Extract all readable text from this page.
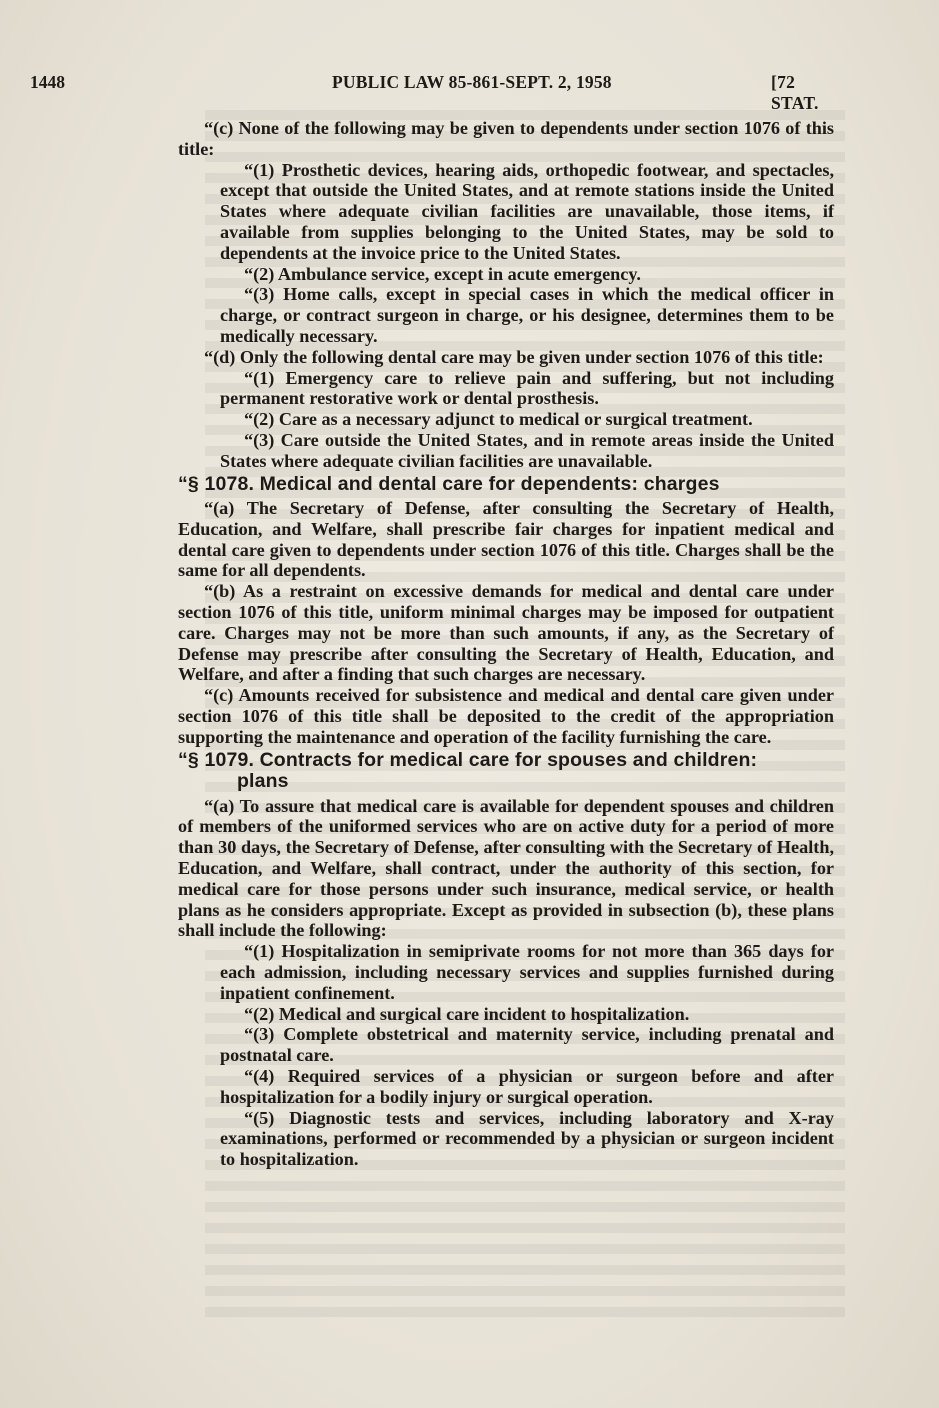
1448	PUBLIC LAW 85-861-SEPT. 2, 1958	[72 STAT.

“(c) None of the following may be given to dependents under section 1076 of this title:

“(1) Prosthetic devices, hearing aids, orthopedic footwear, and spectacles, except that outside the United States, and at remote stations inside the United States where adequate civilian facilities are unavailable, those items, if available from supplies belonging to the United States, may be sold to dependents at the invoice price to the United States.

“(2) Ambulance service, except in acute emergency.

“(3) Home calls, except in special cases in which the medical officer in charge, or contract surgeon in charge, or his designee, determines them to be medically necessary.

“(d) Only the following dental care may be given under section 1076 of this title:

“(1) Emergency care to relieve pain and suffering, but not including permanent restorative work or dental prosthesis.

“(2) Care as a necessary adjunct to medical or surgical treatment.

“(3) Care outside the United States, and in remote areas inside the United States where adequate civilian facilities are unavailable.

“§ 1078. Medical and dental care for dependents: charges

“(a) The Secretary of Defense, after consulting the Secretary of Health, Education, and Welfare, shall prescribe fair charges for inpatient medical and dental care given to dependents under section 1076 of this title. Charges shall be the same for all dependents.

“(b) As a restraint on excessive demands for medical and dental care under section 1076 of this title, uniform minimal charges may be imposed for outpatient care. Charges may not be more than such amounts, if any, as the Secretary of Defense may prescribe after consulting the Secretary of Health, Education, and Welfare, and after a finding that such charges are necessary.

“(c) Amounts received for subsistence and medical and dental care given under section 1076 of this title shall be deposited to the credit of the appropriation supporting the maintenance and operation of the facility furnishing the care.

“§ 1079. Contracts for medical care for spouses and children:
plans

“(a) To assure that medical care is available for dependent spouses and children of members of the uniformed services who are on active duty for a period of more than 30 days, the Secretary of Defense, after consulting with the Secretary of Health, Education, and Welfare, shall contract, under the authority of this section, for medical care for those persons under such insurance, medical service, or health plans as he considers appropriate. Except as provided in subsection (b), these plans shall include the following:

“(1) Hospitalization in semiprivate rooms for not more than 365 days for each admission, including necessary services and supplies furnished during inpatient confinement.

“(2) Medical and surgical care incident to hospitalization.

“(3) Complete obstetrical and maternity service, including prenatal and postnatal care.

“(4) Required services of a physician or surgeon before and after hospitalization for a bodily injury or surgical operation.

“(5) Diagnostic tests and services, including laboratory and X-ray examinations, performed or recommended by a physician or surgeon incident to hospitalization.
